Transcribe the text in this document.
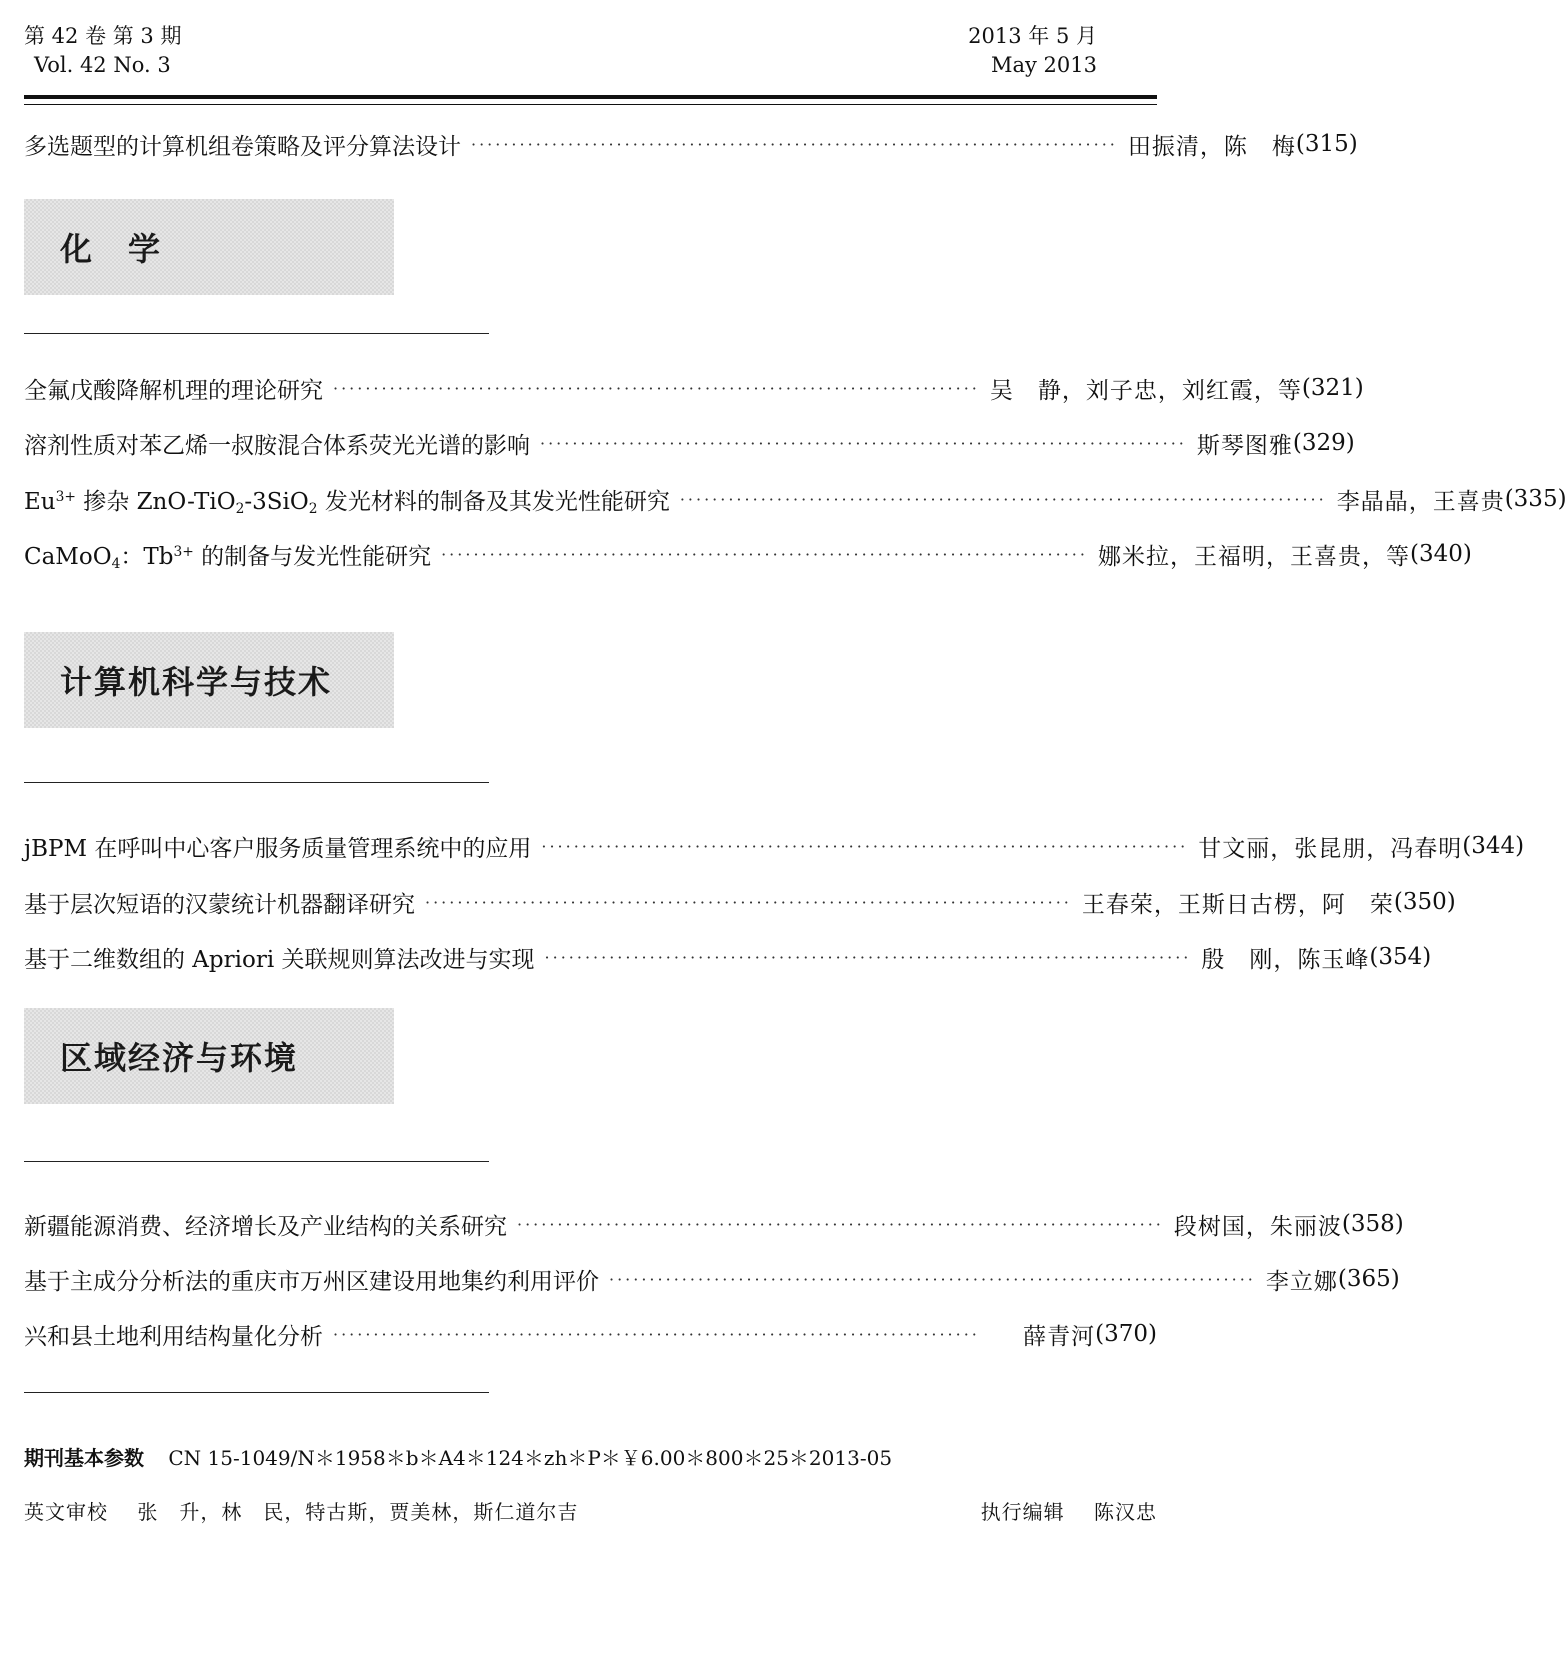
第 42 卷 第 3 期
Vol. 42 No. 3
2013 年 5 月
May 2013
多选题型的计算机组卷策略及评分算法设计 ················································································ 田振清，陈　梅 (315)
化　学
全氟戊酸降解机理的理论研究 ················································································ 吴　静，刘子忠，刘红霞，等 (321)
溶剂性质对苯乙烯一叔胺混合体系荧光光谱的影响 ················································································ 斯琴图雅 (329)
$Eu^{3+}$ 掺杂 ZnO-TiO$_2$-3SiO$_2$ 发光材料的制备及其发光性能研究 ················································································ 李晶晶，王喜贵 (335)
CaMoO$_4$：$Tb^{3+}$ 的制备与发光性能研究 ················································································ 娜米拉，王福明，王喜贵，等 (340)
计算机科学与技术
jBPM 在呼叫中心客户服务质量管理系统中的应用 ················································································ 甘文丽，张昆朋，冯春明 (344)
基于层次短语的汉蒙统计机器翻译研究 ················································································ 王春荣，王斯日古楞，阿　荣 (350)
基于二维数组的 Apriori 关联规则算法改进与实现 ················································································ 殷　刚，陈玉峰 (354)
区域经济与环境
新疆能源消费、经济增长及产业结构的关系研究 ················································································ 段树国，朱丽波 (358)
基于主成分分析法的重庆市万州区建设用地集约利用评价 ················································································ 李立娜 (365)
兴和县土地利用结构量化分析 ················································································	薛青河 (370)
期刊基本参数 CN 15-1049/N＊1958＊b＊A4＊124＊zh＊P＊￥6.00＊800＊25＊2013-05
英文审校 张　升，林　民，特古斯，贾美林，斯仁道尔吉	执行编辑 陈汉忠
